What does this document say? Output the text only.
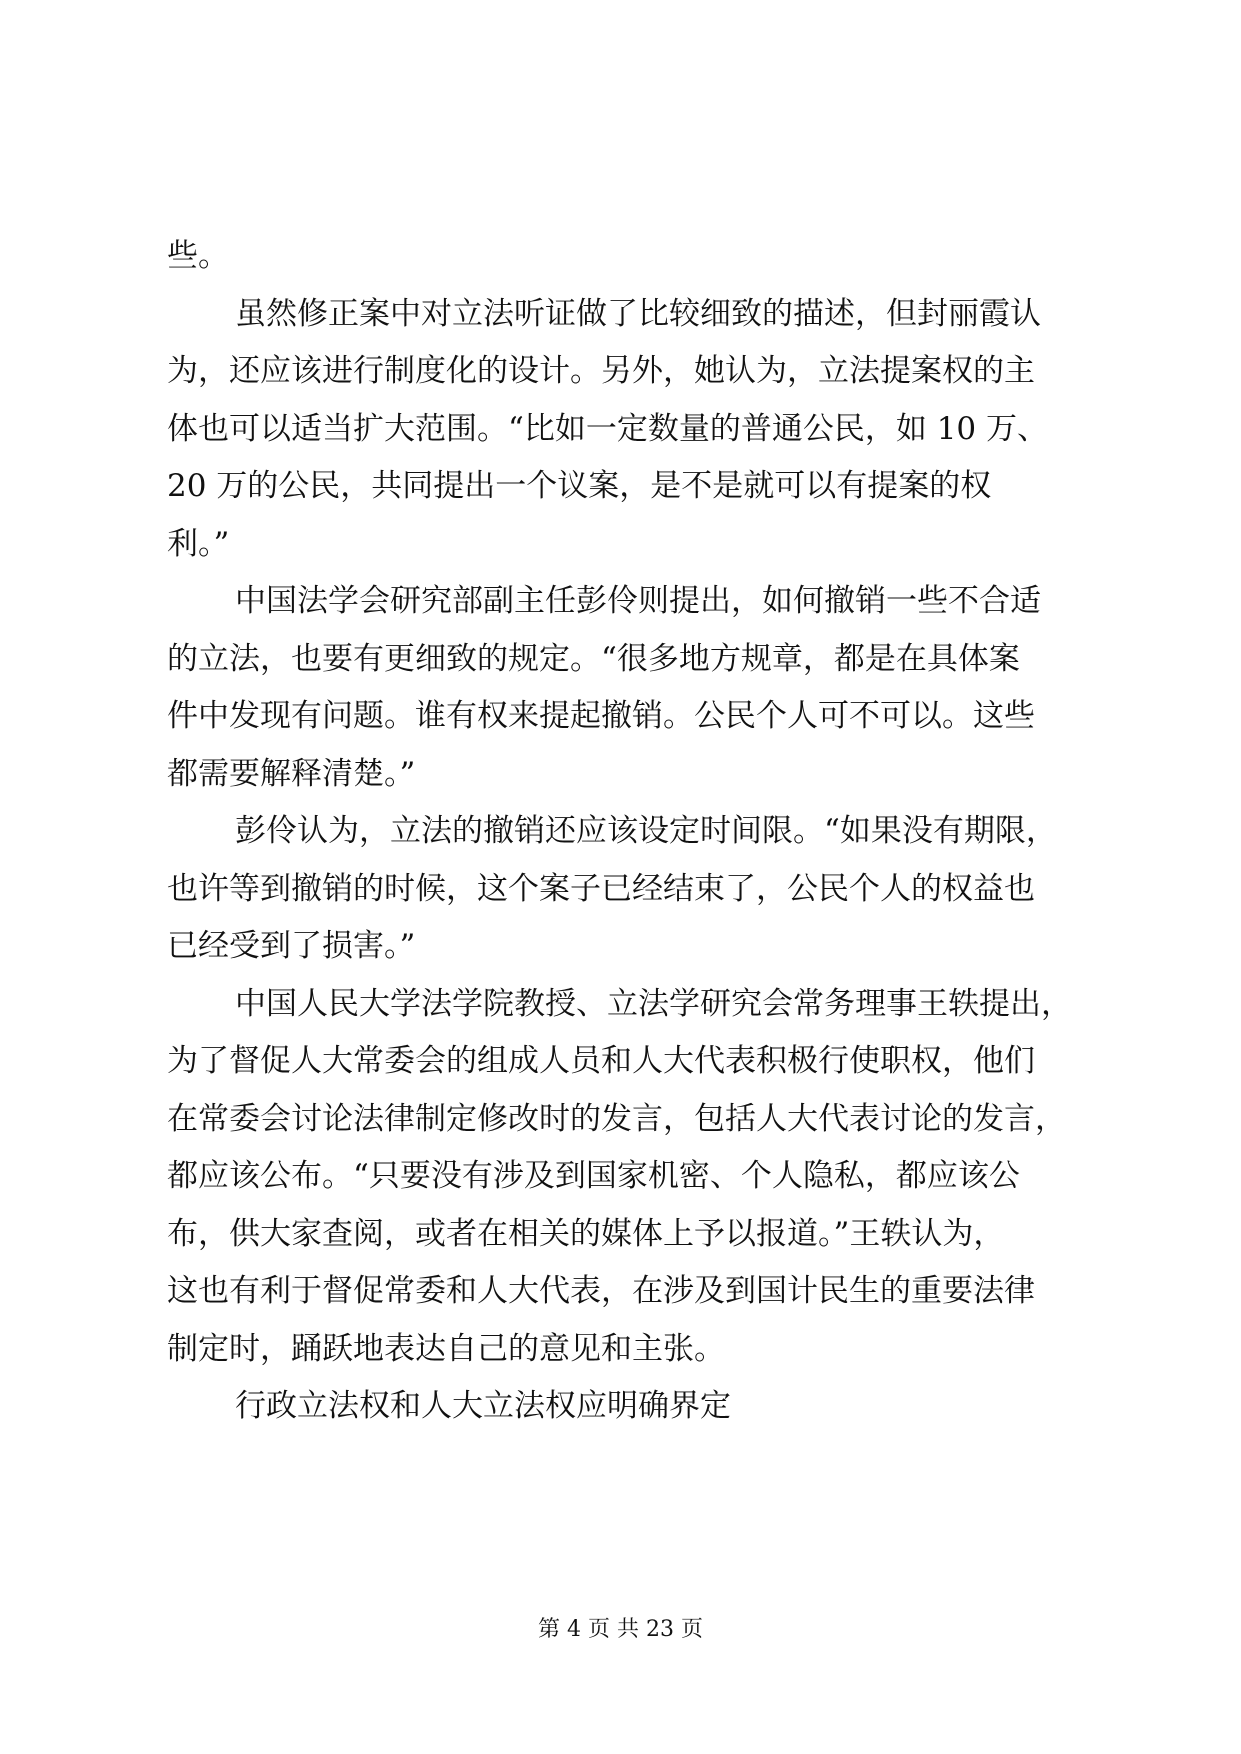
些。
虽然修正案中对立法听证做了比较细致的描述，但封丽霞认
为，还应该进行制度化的设计。另外，她认为，立法提案权的主
体也可以适当扩大范围。“比如一定数量的普通公民，如 10 万、
20 万的公民，共同提出一个议案，是不是就可以有提案的权
利。”
中国法学会研究部副主任彭伶则提出，如何撤销一些不合适
的立法，也要有更细致的规定。“很多地方规章，都是在具体案
件中发现有问题。谁有权来提起撤销。公民个人可不可以。这些
都需要解释清楚。”
彭伶认为，立法的撤销还应该设定时间限。“如果没有期限，
也许等到撤销的时候，这个案子已经结束了，公民个人的权益也
已经受到了损害。”
中国人民大学法学院教授、立法学研究会常务理事王轶提出，
为了督促人大常委会的组成人员和人大代表积极行使职权，他们
在常委会讨论法律制定修改时的发言，包括人大代表讨论的发言，
都应该公布。“只要没有涉及到国家机密、个人隐私，都应该公
布，供大家查阅，或者在相关的媒体上予以报道。”王轶认为，
这也有利于督促常委和人大代表，在涉及到国计民生的重要法律
制定时，踊跃地表达自己的意见和主张。
行政立法权和人大立法权应明确界定
第 4 页 共 23 页
